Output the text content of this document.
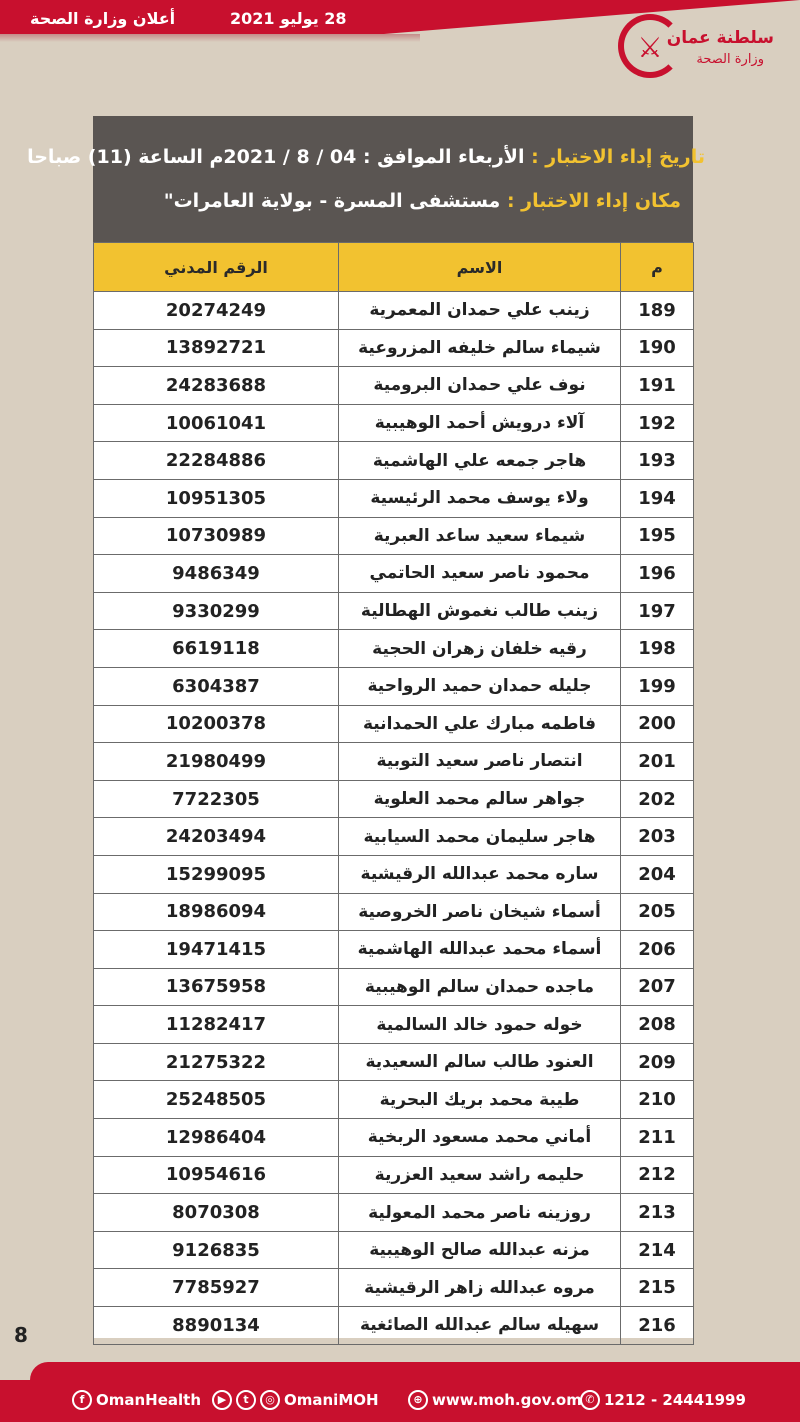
أعلان وزارة الصحة	28 يوليو 2021
⚔ سلطنة عمان
وزارة الصحة
تاريخ إداء الاختبار : الأربعاء الموافق : 04 / 8 / 2021م الساعة (11) صباحا
مكان إداء الاختبار : مستشفى المسرة - بولاية العامرات"
م	الاسم	الرقم المدني
189	زينب علي حمدان المعمرية	20274249
190	شيماء سالم خليفه المزروعية	13892721
191	نوف علي حمدان البرومية	24283688
192	آلاء درويش أحمد الوهيبية	10061041
193	هاجر جمعه علي الهاشمية	22284886
194	ولاء يوسف محمد الرئيسية	10951305
195	شيماء سعيد ساعد العبرية	10730989
196	محمود ناصر سعيد الحاتمي	9486349
197	زينب طالب نغموش الهطالية	9330299
198	رقيه خلفان زهران الحجية	6619118
199	جليله حمدان حميد الرواحية	6304387
200	فاطمه مبارك علي الحمدانية	10200378
201	انتصار ناصر سعيد التوبية	21980499
202	جواهر سالم محمد العلوية	7722305
203	هاجر سليمان محمد السيابية	24203494
204	ساره محمد عبدالله الرقيشية	15299095
205	أسماء شيخان ناصر الخروصية	18986094
206	أسماء محمد عبدالله الهاشمية	19471415
207	ماجده حمدان سالم الوهيبية	13675958
208	خوله حمود خالد السالمية	11282417
209	العنود طالب سالم السعيدية	21275322
210	طيبة محمد بريك البحرية	25248505
211	أماني محمد مسعود الربخية	12986404
212	حليمه راشد سعيد العزرية	10954616
213	روزينه ناصر محمد المعولية	8070308
214	مزنه عبدالله صالح الوهيبية	9126835
215	مروه عبدالله زاهر الرقيشية	7785927
216	سهيله سالم عبدالله الصائغية	8890134
8
f OmanHealth	▶	t	◎ OmaniMOH	⊕ www.moh.gov.om ✆ 1212 - 24441999
